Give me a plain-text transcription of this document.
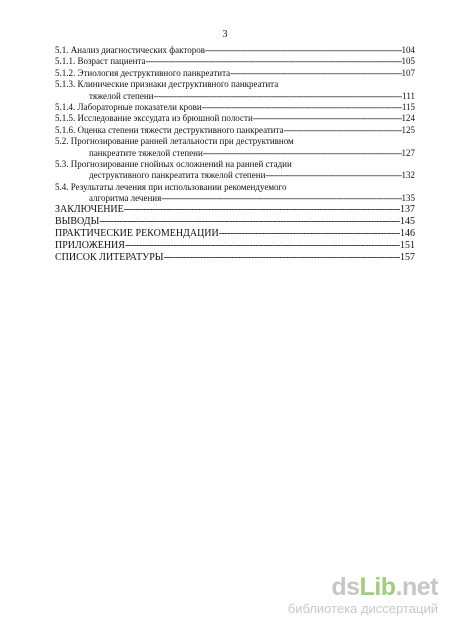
3
5.1. Анализ диагностических факторов -----	104
5.1.1. Возраст пациента -----	105
5.1.2. Этиология деструктивного панкреатита -----	107
5.1.3. Клинические признаки деструктивного панкреатита
тяжелой степени -----	111
5.1.4. Лабораторные показатели крови -----	115
5.1.5. Исследование экссудата из брюшной полости -----	124
5.1.6. Оценка степени тяжести деструктивного панкреатита -----	125
5.2. Прогнозирование ранней летальности при деструктивном
панкреатите тяжелой степени -----	127
5.3. Прогнозирование гнойных осложнений на ранней стадии
деструктивного панкреатита тяжелой степени -----	132
5.4. Результаты лечения при использовании рекомендуемого
алгоритма лечения -----	135
ЗАКЛЮЧЕНИЕ -----	137
ВЫВОДЫ -----	145
ПРАКТИЧЕСКИЕ РЕКОМЕНДАЦИИ -----	146
ПРИЛОЖЕНИЯ -----	151
СПИСОК ЛИТЕРАТУРЫ -----	157
dsLib.net
библиотека диссертаций
